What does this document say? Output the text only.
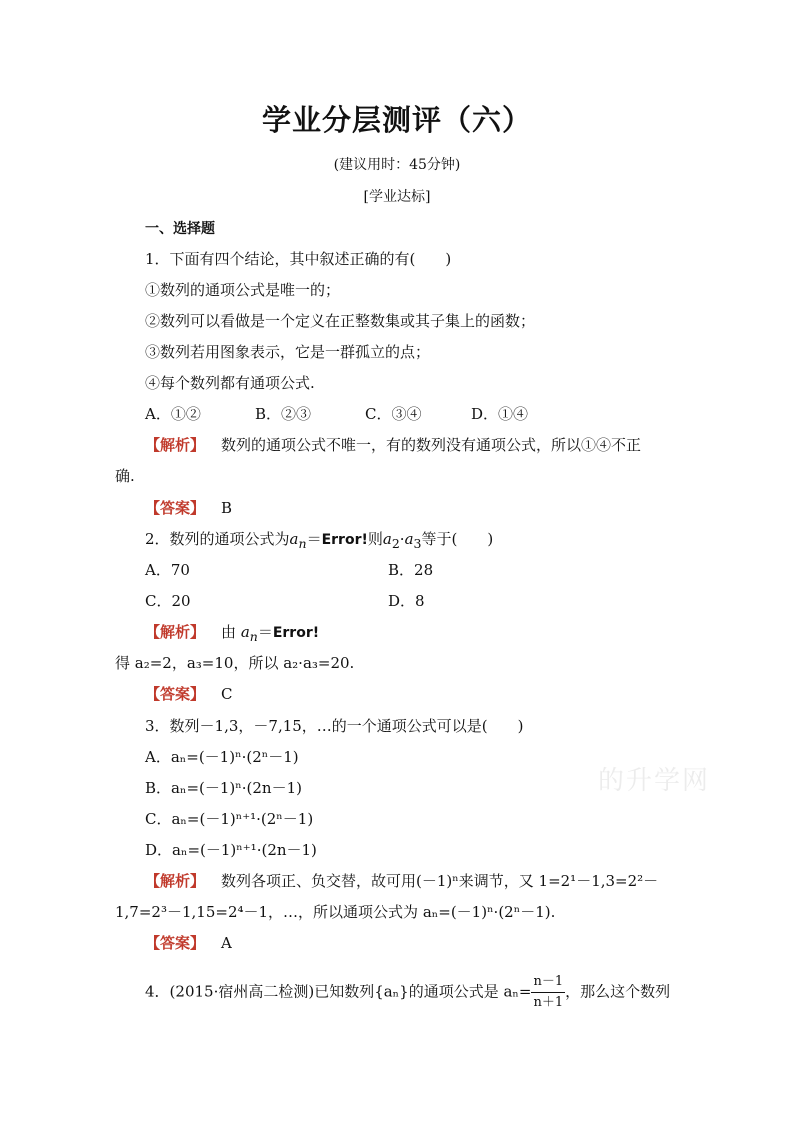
学业分层测评（六）
(建议用时：45分钟)
[学业达标]
一、选择题
1．下面有四个结论，其中叙述正确的有(　　)
①数列的通项公式是唯一的；
②数列可以看做是一个定义在正整数集或其子集上的函数；
③数列若用图象表示，它是一群孤立的点；
④每个数列都有通项公式.
A．①②	B．②③	C．③④	D．①④
【解析】 数列的通项公式不唯一，有的数列没有通项公式，所以①④不正
确.
【答案】 B
2．数列的通项公式为$a_n=Error$!则$a_2\cdot a_3$等于(　　)
A．70	B．28
C．20	D．8
【解析】 由 $a_n=Error$!
得 a₂=2，a₃=10，所以 a₂·a₃=20.
【答案】 C
3．数列－1,3，－7,15，…的一个通项公式可以是(　　)
A．aₙ=(－1)ⁿ·(2ⁿ－1)
B．aₙ=(－1)ⁿ·(2n－1)
C．aₙ=(－1)ⁿ⁺¹·(2ⁿ－1)
D．aₙ=(－1)ⁿ⁺¹·(2n－1)
【解析】 数列各项正、负交替，故可用(－1)ⁿ来调节，又 1=2¹－1,3=2²－
1,7=2³－1,15=2⁴－1，…，所以通项公式为 aₙ=(－1)ⁿ·(2ⁿ－1).
【答案】 A
4．(2015·宿州高二检测)已知数列{aₙ}的通项公式是 $a_n= \frac{n-1}{n+1}$ ，那么这个数列
的升学网
